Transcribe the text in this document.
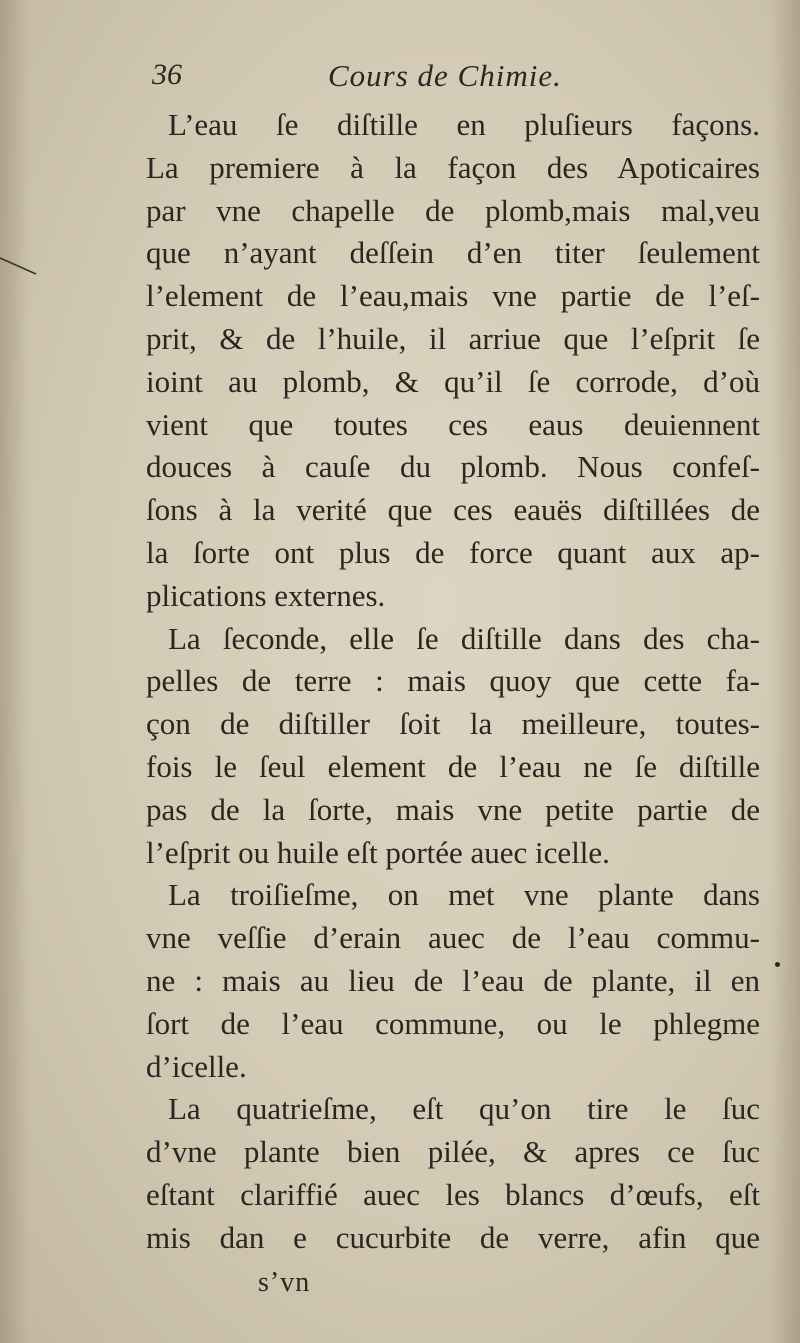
36	Cours de Chimie.
L’eau ſe diſtille en pluſieurs façons.
La premiere à la façon des Apoticaires
par vne chapelle de plomb,mais mal,veu
que n’ayant deſſein d’en titer ſeulement
l’element de l’eau,mais vne partie de l’eſ-
prit, & de l’huile, il arriue que l’eſprit ſe
ioint au plomb, & qu’il ſe corrode, d’où
vient que toutes ces eaus deuiennent
douces à cauſe du plomb. Nous confeſ-
ſons à la verité que ces eauës diſtillées de
la ſorte ont plus de force quant aux ap-
plications externes.
La ſeconde, elle ſe diſtille dans des cha-
pelles de terre : mais quoy que cette fa-
çon de diſtiller ſoit la meilleure, toutes-
fois le ſeul element de l’eau ne ſe diſtille
pas de la ſorte, mais vne petite partie de
l’eſprit ou huile eſt portée auec icelle.
La troiſieſme, on met vne plante dans
vne veſſie d’erain auec de l’eau commu-
ne : mais au lieu de l’eau de plante, il en
ſort de l’eau commune, ou le phlegme
d’icelle.
La quatrieſme, eſt qu’on tire le ſuc
d’vne plante bien pilée, & apres ce ſuc
eſtant clariffié auec les blancs d’œufs, eſt
mis dan e cucurbite de verre, afin que
s’vn
